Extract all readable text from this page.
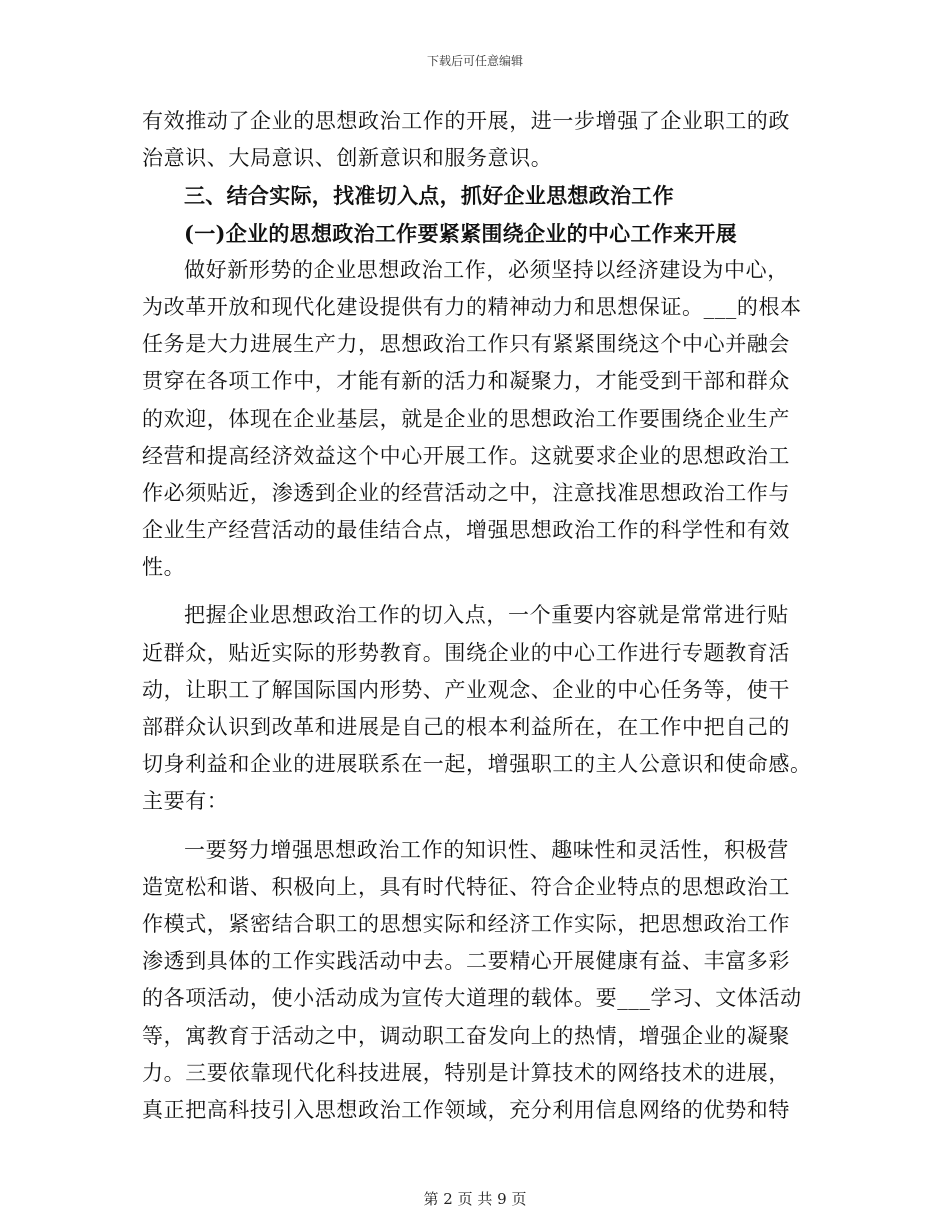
下载后可任意编辑
有效推动了企业的思想政治工作的开展，进一步增强了企业职工的政
治意识、大局意识、创新意识和服务意识。
三、结合实际，找准切入点，抓好企业思想政治工作
(一)企业的思想政治工作要紧紧围绕企业的中心工作来开展
做好新形势的企业思想政治工作，必须坚持以经济建设为中心，
为改革开放和现代化建设提供有力的精神动力和思想保证。___的根本
任务是大力进展生产力，思想政治工作只有紧紧围绕这个中心并融会
贯穿在各项工作中，才能有新的活力和凝聚力，才能受到干部和群众
的欢迎，体现在企业基层，就是企业的思想政治工作要围绕企业生产
经营和提高经济效益这个中心开展工作。这就要求企业的思想政治工
作必须贴近，渗透到企业的经营活动之中，注意找准思想政治工作与
企业生产经营活动的最佳结合点，增强思想政治工作的科学性和有效
性。
把握企业思想政治工作的切入点，一个重要内容就是常常进行贴
近群众，贴近实际的形势教育。围绕企业的中心工作进行专题教育活
动，让职工了解国际国内形势、产业观念、企业的中心任务等，使干
部群众认识到改革和进展是自己的根本利益所在，在工作中把自己的
切身利益和企业的进展联系在一起，增强职工的主人公意识和使命感。
主要有：
一要努力增强思想政治工作的知识性、趣味性和灵活性，积极营
造宽松和谐、积极向上，具有时代特征、符合企业特点的思想政治工
作模式，紧密结合职工的思想实际和经济工作实际，把思想政治工作
渗透到具体的工作实践活动中去。二要精心开展健康有益、丰富多彩
的各项活动，使小活动成为宣传大道理的载体。要___学习、文体活动
等，寓教育于活动之中，调动职工奋发向上的热情，增强企业的凝聚
力。三要依靠现代化科技进展，特别是计算技术的网络技术的进展，
真正把高科技引入思想政治工作领域，充分利用信息网络的优势和特
第 2 页 共 9 页
